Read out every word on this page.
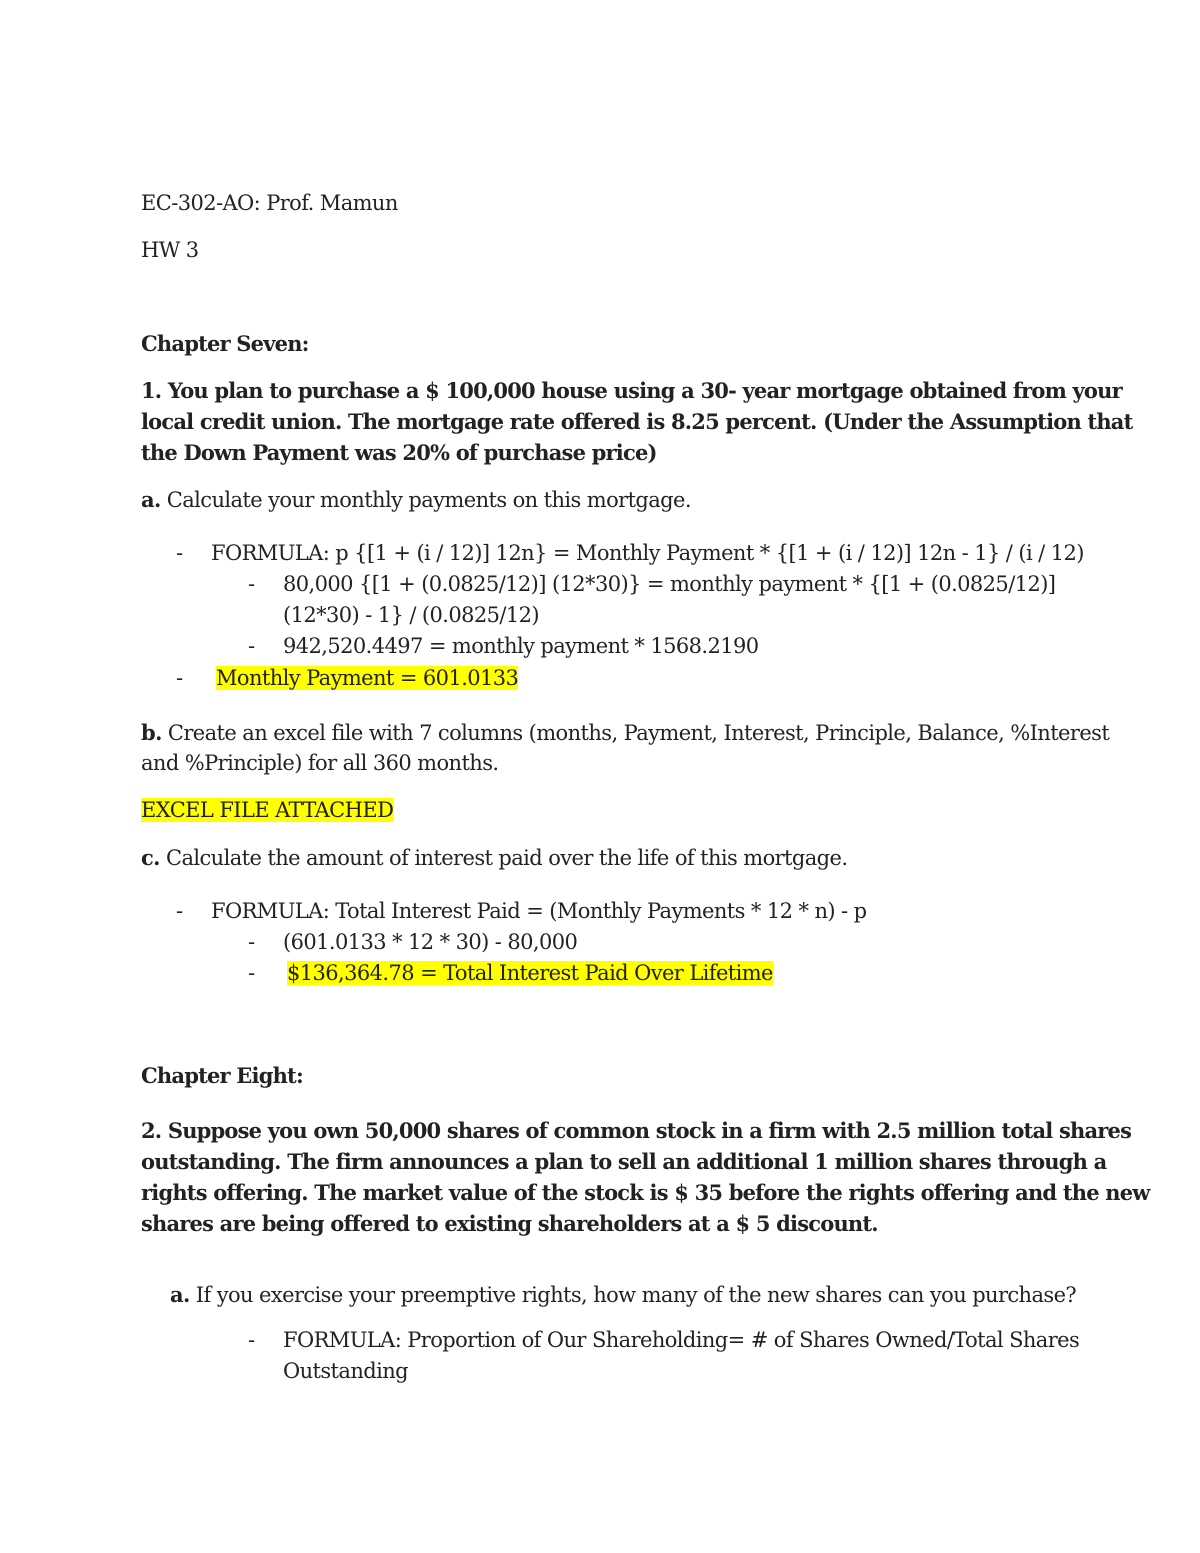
EC-302-AO: Prof. Mamun
HW 3
Chapter Seven:
1. You plan to purchase a $ 100,000 house using a 30- year mortgage obtained from your
local credit union. The mortgage rate offered is 8.25 percent. (Under the Assumption that
the Down Payment was 20% of purchase price)
a. Calculate your monthly payments on this mortgage.
- FORMULA: p {[1 + (i / 12)] 12n} = Monthly Payment * {[1 + (i / 12)] 12n - 1} / (i / 12)
- 80,000 {[1 + (0.0825/12)] (12*30)} = monthly payment * {[1 + (0.0825/12)]
(12*30) - 1} / (0.0825/12)
- 942,520.4497 = monthly payment * 1568.2190
- Monthly Payment = 601.0133
b. Create an excel file with 7 columns (months, Payment, Interest, Principle, Balance, %Interest
and %Principle) for all 360 months.
EXCEL FILE ATTACHED
c. Calculate the amount of interest paid over the life of this mortgage.
- FORMULA: Total Interest Paid = (Monthly Payments * 12 * n) - p
- (601.0133 * 12 * 30) - 80,000
- $136,364.78 = Total Interest Paid Over Lifetime
Chapter Eight:
2. Suppose you own 50,000 shares of common stock in a firm with 2.5 million total shares
outstanding. The firm announces a plan to sell an additional 1 million shares through a
rights offering. The market value of the stock is $ 35 before the rights offering and the new
shares are being offered to existing shareholders at a $ 5 discount.
a. If you exercise your preemptive rights, how many of the new shares can you purchase?
- FORMULA: Proportion of Our Shareholding= # of Shares Owned/Total Shares
Outstanding
